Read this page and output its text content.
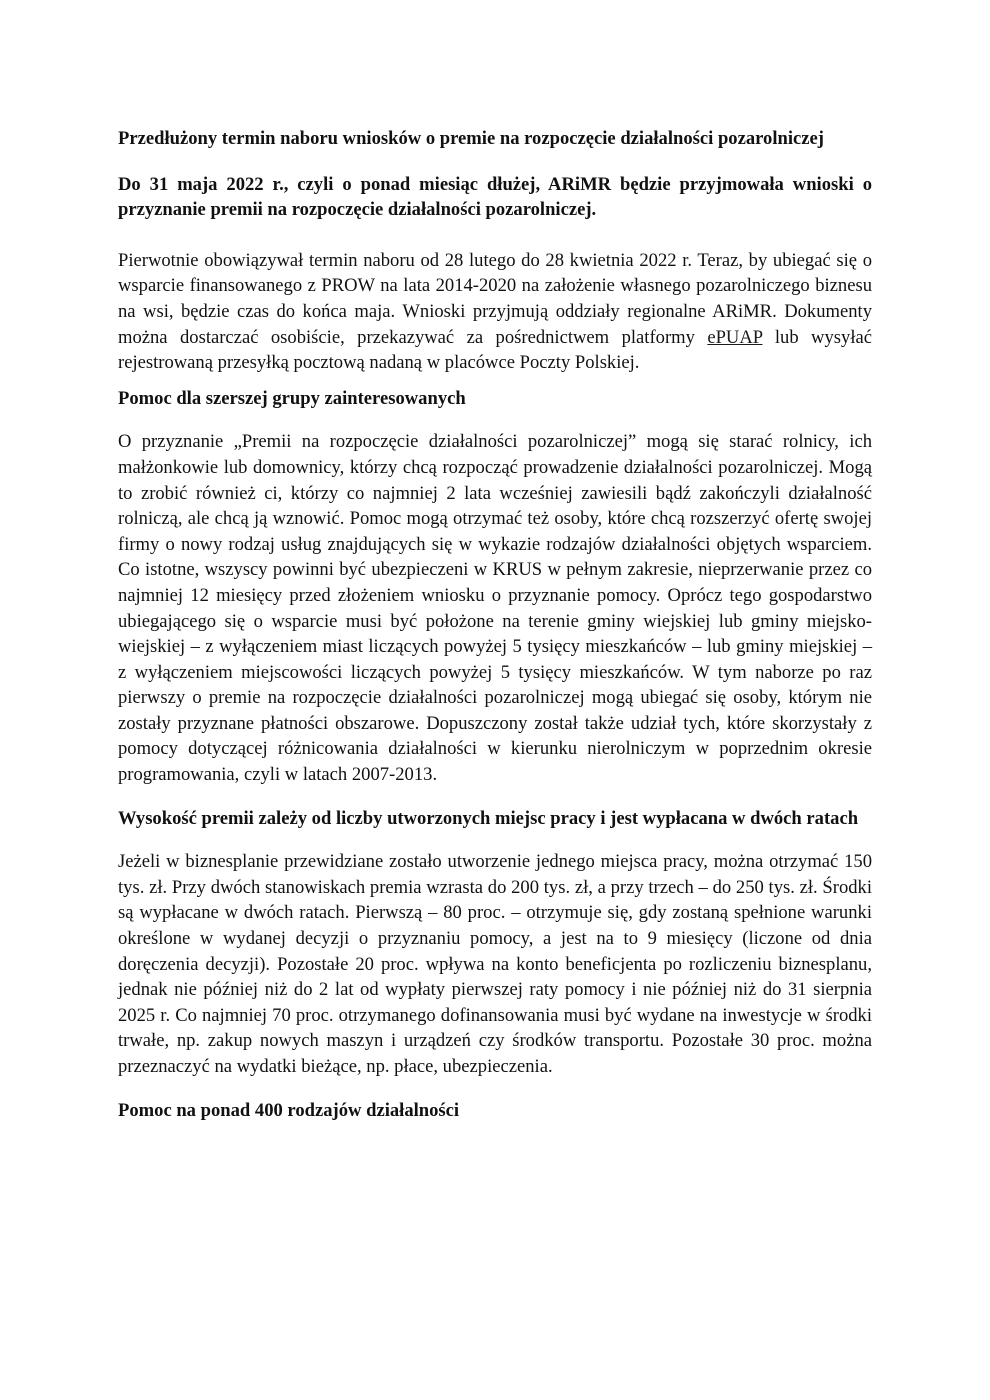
Przedłużony termin naboru wniosków o premie na rozpoczęcie działalności pozarolniczej

Do 31 maja 2022 r., czyli o ponad miesiąc dłużej, ARiMR będzie przyjmowała wnioski o przyznanie premii na rozpoczęcie działalności pozarolniczej.

Pierwotnie obowiązywał termin naboru od 28 lutego do 28 kwietnia 2022 r. Teraz, by ubiegać się o wsparcie finansowanego z PROW na lata 2014-2020 na założenie własnego pozarolniczego biznesu na wsi, będzie czas do końca maja. Wnioski przyjmują oddziały regionalne ARiMR. Dokumenty można dostarczać osobiście, przekazywać za pośrednictwem platformy ePUAP lub wysyłać rejestrowaną przesyłką pocztową nadaną w placówce Poczty Polskiej.

Pomoc dla szerszej grupy zainteresowanych

O przyznanie „Premii na rozpoczęcie działalności pozarolniczej” mogą się starać rolnicy, ich małżonkowie lub domownicy, którzy chcą rozpocząć prowadzenie działalności pozarolniczej. Mogą to zrobić również ci, którzy co najmniej 2 lata wcześniej zawiesili bądź zakończyli działalność rolniczą, ale chcą ją wznowić. Pomoc mogą otrzymać też osoby, które chcą rozszerzyć ofertę swojej firmy o nowy rodzaj usług znajdujących się w wykazie rodzajów działalności objętych wsparciem. Co istotne, wszyscy powinni być ubezpieczeni w KRUS w pełnym zakresie, nieprzerwanie przez co najmniej 12 miesięcy przed złożeniem wniosku o przyznanie pomocy. Oprócz tego gospodarstwo ubiegającego się o wsparcie musi być położone na terenie gminy wiejskiej lub gminy miejsko-wiejskiej – z wyłączeniem miast liczących powyżej 5 tysięcy mieszkańców – lub gminy miejskiej – z wyłączeniem miejscowości liczących powyżej 5 tysięcy mieszkańców. W tym naborze po raz pierwszy o premie na rozpoczęcie działalności pozarolniczej mogą ubiegać się osoby, którym nie zostały przyznane płatności obszarowe. Dopuszczony został także udział tych, które skorzystały z pomocy dotyczącej różnicowania działalności w kierunku nierolniczym w poprzednim okresie programowania, czyli w latach 2007-2013.

Wysokość premii zależy od liczby utworzonych miejsc pracy i jest wypłacana w dwóch ratach

Jeżeli w biznesplanie przewidziane zostało utworzenie jednego miejsca pracy, można otrzymać 150 tys. zł. Przy dwóch stanowiskach premia wzrasta do 200 tys. zł, a przy trzech – do 250 tys. zł. Środki są wypłacane w dwóch ratach. Pierwszą – 80 proc. – otrzymuje się, gdy zostaną spełnione warunki określone w wydanej decyzji o przyznaniu pomocy, a jest na to 9 miesięcy (liczone od dnia doręczenia decyzji). Pozostałe 20 proc. wpływa na konto beneficjenta po rozliczeniu biznesplanu, jednak nie później niż do 2 lat od wypłaty pierwszej raty pomocy i nie później niż do 31 sierpnia 2025 r. Co najmniej 70 proc. otrzymanego dofinansowania musi być wydane na inwestycje w środki trwałe, np. zakup nowych maszyn i urządzeń czy środków transportu. Pozostałe 30 proc. można przeznaczyć na wydatki bieżące, np. płace, ubezpieczenia.

Pomoc na ponad 400 rodzajów działalności
